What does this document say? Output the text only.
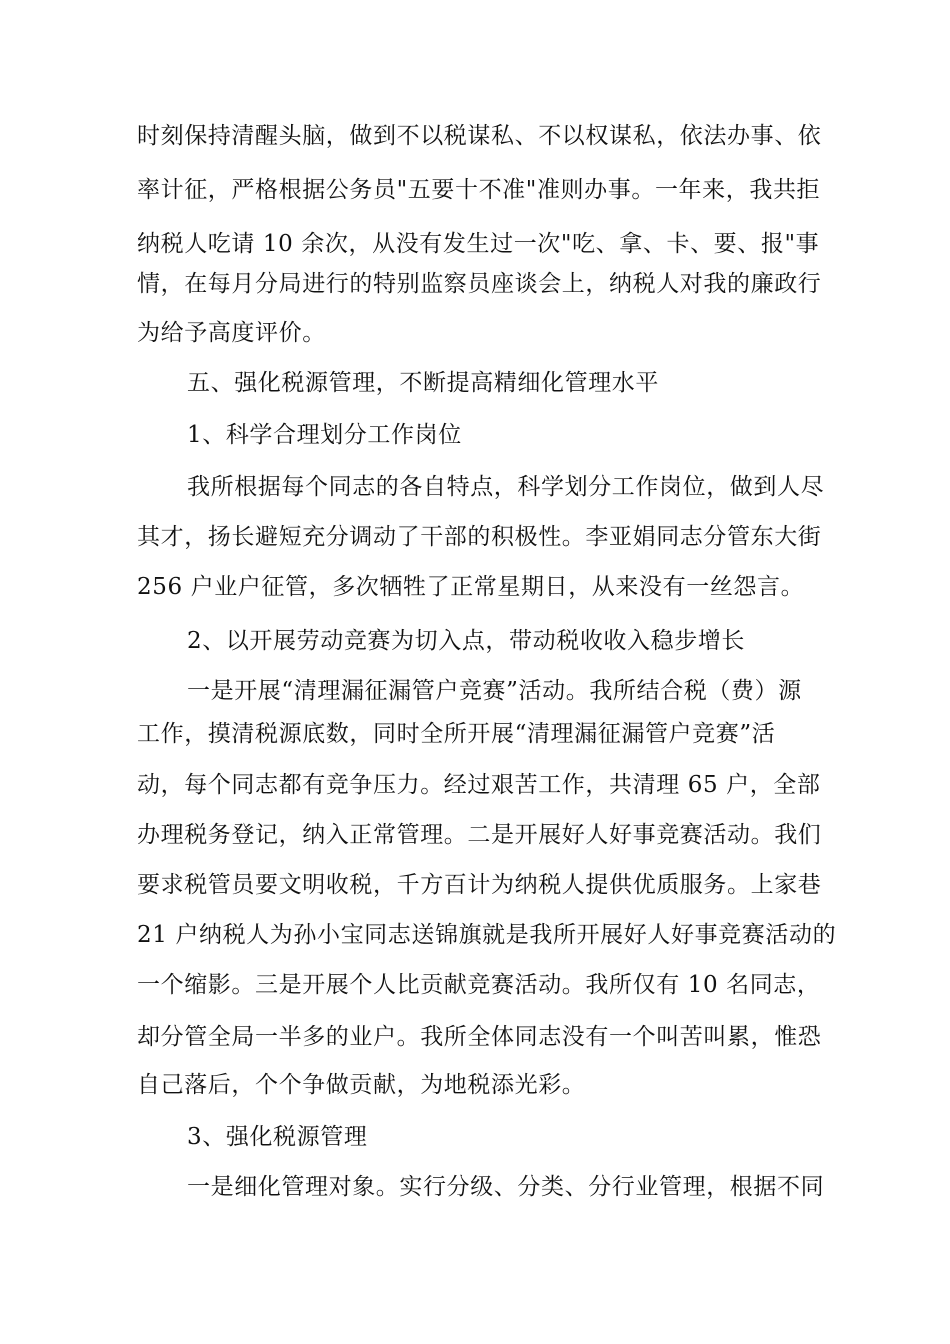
时刻保持清醒头脑，做到不以税谋私、不以权谋私，依法办事、依
率计征，严格根据公务员"五要十不准"准则办事。一年来，我共拒
纳税人吃请 10 余次，从没有发生过一次"吃、拿、卡、要、报"事
情，在每月分局进行的特别监察员座谈会上，纳税人对我的廉政行
为给予高度评价。
五、强化税源管理，不断提高精细化管理水平
1、科学合理划分工作岗位
我所根据每个同志的各自特点，科学划分工作岗位，做到人尽
其才，扬长避短充分调动了干部的积极性。李亚娟同志分管东大街
256 户业户征管，多次牺牲了正常星期日，从来没有一丝怨言。
2、以开展劳动竞赛为切入点，带动税收收入稳步增长
一是开展“清理漏征漏管户竞赛”活动。我所结合税（费）源
工作，摸清税源底数，同时全所开展“清理漏征漏管户竞赛”活
动，每个同志都有竞争压力。经过艰苦工作，共清理 65 户，全部
办理税务登记，纳入正常管理。二是开展好人好事竞赛活动。我们
要求税管员要文明收税，千方百计为纳税人提供优质服务。上家巷
21 户纳税人为孙小宝同志送锦旗就是我所开展好人好事竞赛活动的
一个缩影。三是开展个人比贡献竞赛活动。我所仅有 10 名同志，
却分管全局一半多的业户。我所全体同志没有一个叫苦叫累，惟恐
自己落后，个个争做贡献，为地税添光彩。
3、强化税源管理
一是细化管理对象。实行分级、分类、分行业管理，根据不同
